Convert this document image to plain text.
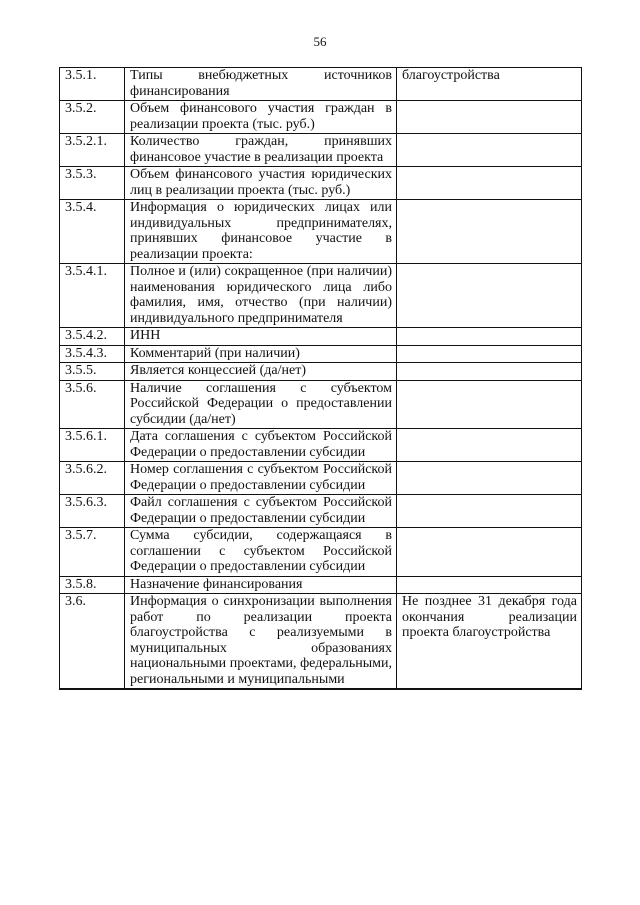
56
3.5.1.	Типы внебюджетных источников финансирования	благоустройства
3.5.2.	Объем финансового участия граждан в реализации проекта (тыс. руб.)	
3.5.2.1.	Количество граждан, принявших финансовое участие в реализации проекта	
3.5.3.	Объем финансового участия юридических лиц в реализации проекта (тыс. руб.)	
3.5.4.	Информация о юридических лицах или индивидуальных предпринимателях, принявших финансовое участие в реализации проекта:	
3.5.4.1.	Полное и (или) сокращенное (при наличии) наименования юридического лица либо фамилия, имя, отчество (при наличии) индивидуального предпринимателя	
3.5.4.2.	ИНН	
3.5.4.3.	Комментарий (при наличии)	
3.5.5.	Является концессией (да/нет)	
3.5.6.	Наличие соглашения с субъектом Российской Федерации о предоставлении субсидии (да/нет)	
3.5.6.1.	Дата соглашения с субъектом Российской Федерации о предоставлении субсидии	
3.5.6.2.	Номер соглашения с субъектом Российской Федерации о предоставлении субсидии	
3.5.6.3.	Файл соглашения с субъектом Российской Федерации о предоставлении субсидии	
3.5.7.	Сумма субсидии, содержащаяся в соглашении с субъектом Российской Федерации о предоставлении субсидии	
3.5.8.	Назначение финансирования	
3.6.	Информация о синхронизации выполнения работ по реализации проекта благоустройства с реализуемыми в муниципальных образованиях национальными проектами, федеральными, региональными и муниципальными	Не позднее 31 декабря года окончания реализации проекта благоустройства
